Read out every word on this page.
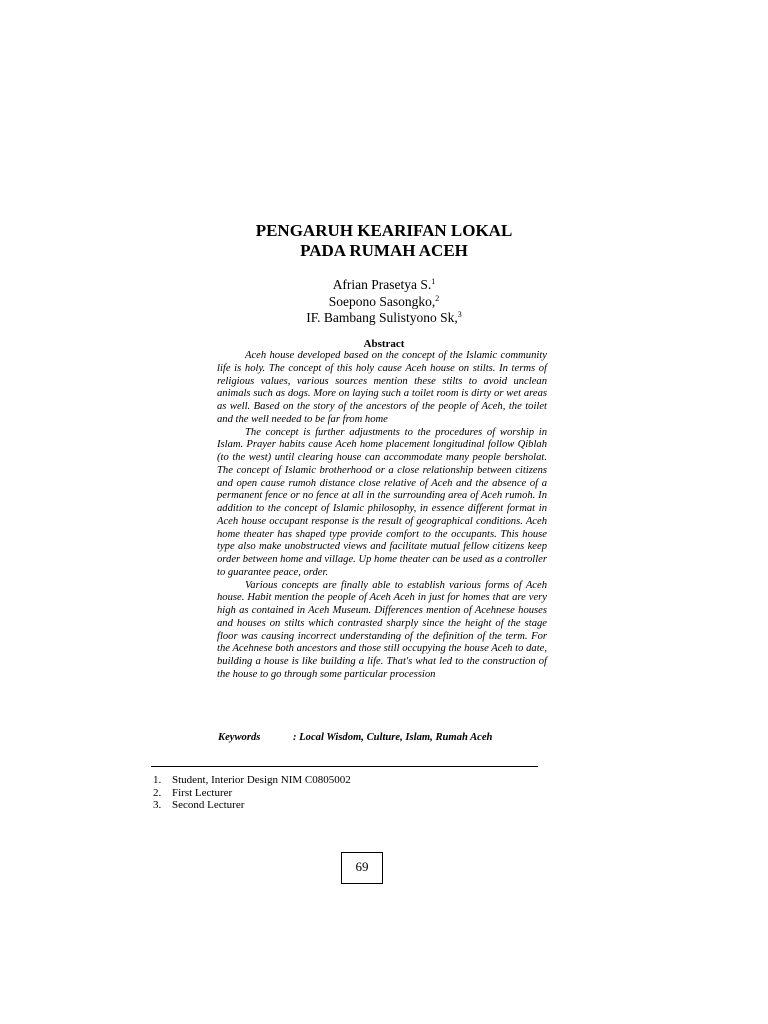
PENGARUH KEARIFAN LOKAL
PADA RUMAH ACEH
Afrian Prasetya S.$^1$
Soepono Sasongko,$^2$
IF. Bambang Sulistyono Sk,$^3$
Abstract

Aceh house developed based on the concept of the Islamic community life is holy. The concept of this holy cause Aceh house on stilts. In terms of religious values, various sources mention these stilts to avoid unclean animals such as dogs. More on laying such a toilet room is dirty or wet areas as well. Based on the story of the ancestors of the people of Aceh, the toilet and the well needed to be far from home

The concept is further adjustments to the procedures of worship in Islam. Prayer habits cause Aceh home placement longitudinal follow Qiblah (to the west) until clearing house can accommodate many people bersholat. The concept of Islamic brotherhood or a close relationship between citizens and open cause rumoh distance close relative of Aceh and the absence of a permanent fence or no fence at all in the surrounding area of Aceh rumoh. In addition to the concept of Islamic philosophy, in essence different format in Aceh house occupant response is the result of geographical conditions. Aceh home theater has shaped type provide comfort to the occupants. This house type also make unobstructed views and facilitate mutual fellow citizens keep order between home and village. Up home theater can be used as a controller to guarantee peace, order.

Various concepts are finally able to establish various forms of Aceh house. Habit mention the people of Aceh Aceh in just for homes that are very high as contained in Aceh Museum. Differences mention of Acehnese houses and houses on stilts which contrasted sharply since the height of the stage floor was causing incorrect understanding of the definition of the term. For the Acehnese both ancestors and those still occupying the house Aceh to date, building a house is like building a life. That's what led to the construction of the house to go through some particular procession

Keywords	: Local Wisdom, Culture, Islam, Rumah Aceh
1. Student, Interior Design NIM C0805002
2. First Lecturer
3. Second Lecturer
69
